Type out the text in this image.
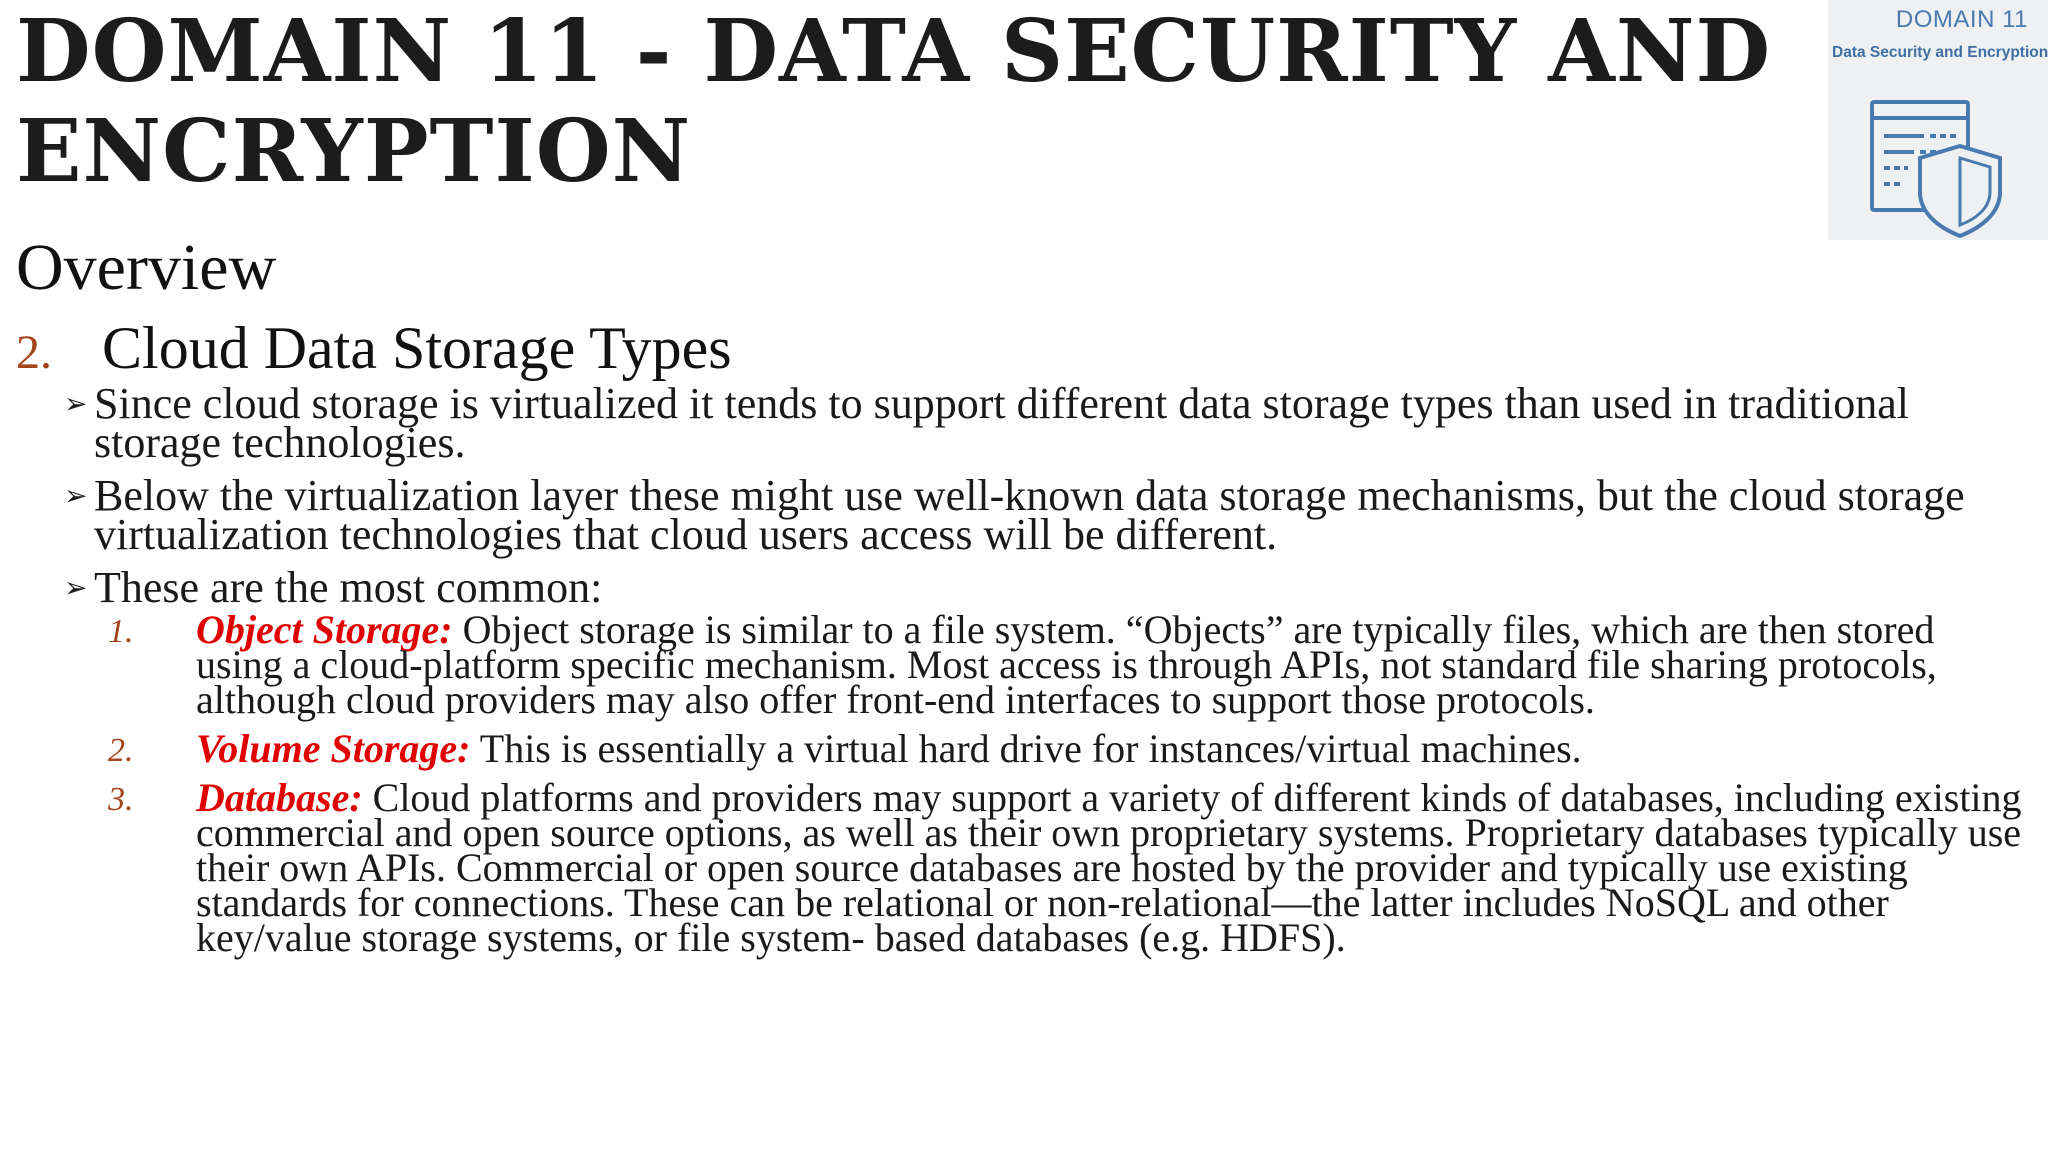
DOMAIN 11 - DATA SECURITY AND
ENCRYPTION
Overview
2. Cloud Data Storage Types
➢ Since cloud storage is virtualized it tends to support different data storage types than used in traditional storage technologies.
➢ Below the virtualization layer these might use well-known data storage mechanisms, but the cloud storage virtualization technologies that cloud users access will be different.
➢ These are the most common:
1. Object Storage: Object storage is similar to a file system. “Objects” are typically files, which are then stored using a cloud-platform specific mechanism. Most access is through APIs, not standard file sharing protocols, although cloud providers may also offer front-end interfaces to support those protocols.
2. Volume Storage: This is essentially a virtual hard drive for instances/virtual machines.
3. Database: Cloud platforms and providers may support a variety of different kinds of databases, including existing commercial and open source options, as well as their own proprietary systems. Proprietary databases typically use their own APIs. Commercial or open source databases are hosted by the provider and typically use existing standards for connections. These can be relational or non-relational—the latter includes NoSQL and other key/value storage systems, or file system- based databases (e.g. HDFS).
DOMAIN 11
Data Security and Encryption
